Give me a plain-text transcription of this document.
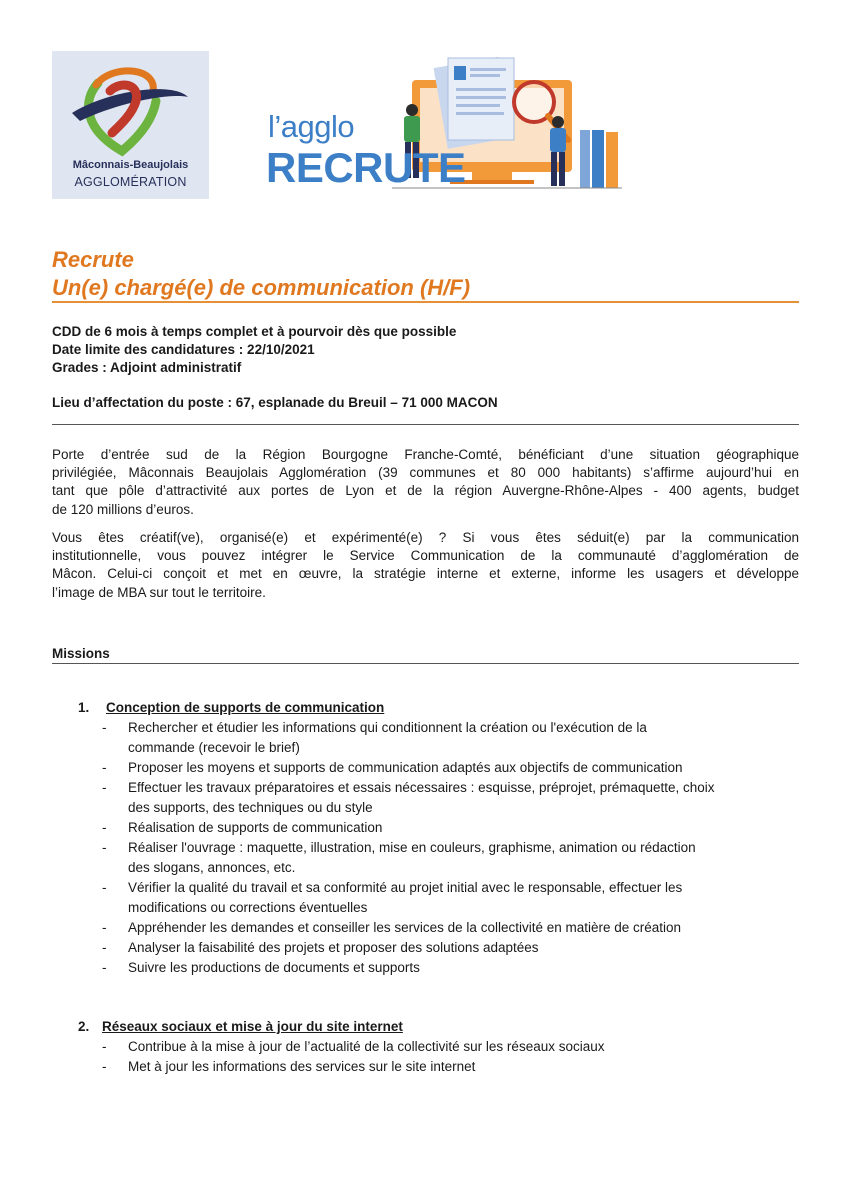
Mâconnais-Beaujolais
AGGLOMÉRATION
l’agglo
RECRUTE
Recrute
Un(e) chargé(e) de communication (H/F)
CDD de 6 mois à temps complet et à pourvoir dès que possible
Date limite des candidatures : 22/10/2021
Grades : Adjoint administratif
Lieu d’affectation du poste : 67, esplanade du Breuil – 71 000 MACON
Porte d’entrée sud de la Région Bourgogne Franche-Comté, bénéficiant d’une situation géographique
privilégiée, Mâconnais Beaujolais Agglomération (39 communes et 80 000 habitants) s’affirme aujourd’hui en
tant que pôle d’attractivité aux portes de Lyon et de la région Auvergne-Rhône-Alpes - 400 agents, budget
de 120 millions d’euros.
Vous êtes créatif(ve), organisé(e) et expérimenté(e) ? Si vous êtes séduit(e) par la communication
institutionnelle, vous pouvez intégrer le Service Communication de la communauté d’agglomération de
Mâcon. Celui-ci conçoit et met en œuvre, la stratégie interne et externe, informe les usagers et développe
l’image de MBA sur tout le territoire.
Missions
1. Conception de supports de communication
- Rechercher et étudier les informations qui conditionnent la création ou l'exécution de la
commande (recevoir le brief)
- Proposer les moyens et supports de communication adaptés aux objectifs de communication
- Effectuer les travaux préparatoires et essais nécessaires : esquisse, préprojet, prémaquette, choix
des supports, des techniques ou du style
- Réalisation de supports de communication
- Réaliser l'ouvrage : maquette, illustration, mise en couleurs, graphisme, animation ou rédaction
des slogans, annonces, etc.
- Vérifier la qualité du travail et sa conformité au projet initial avec le responsable, effectuer les
modifications ou corrections éventuelles
- Appréhender les demandes et conseiller les services de la collectivité en matière de création
- Analyser la faisabilité des projets et proposer des solutions adaptées
- Suivre les productions de documents et supports
2. Réseaux sociaux et mise à jour du site internet
- Contribue à la mise à jour de l’actualité de la collectivité sur les réseaux sociaux
- Met à jour les informations des services sur le site internet
